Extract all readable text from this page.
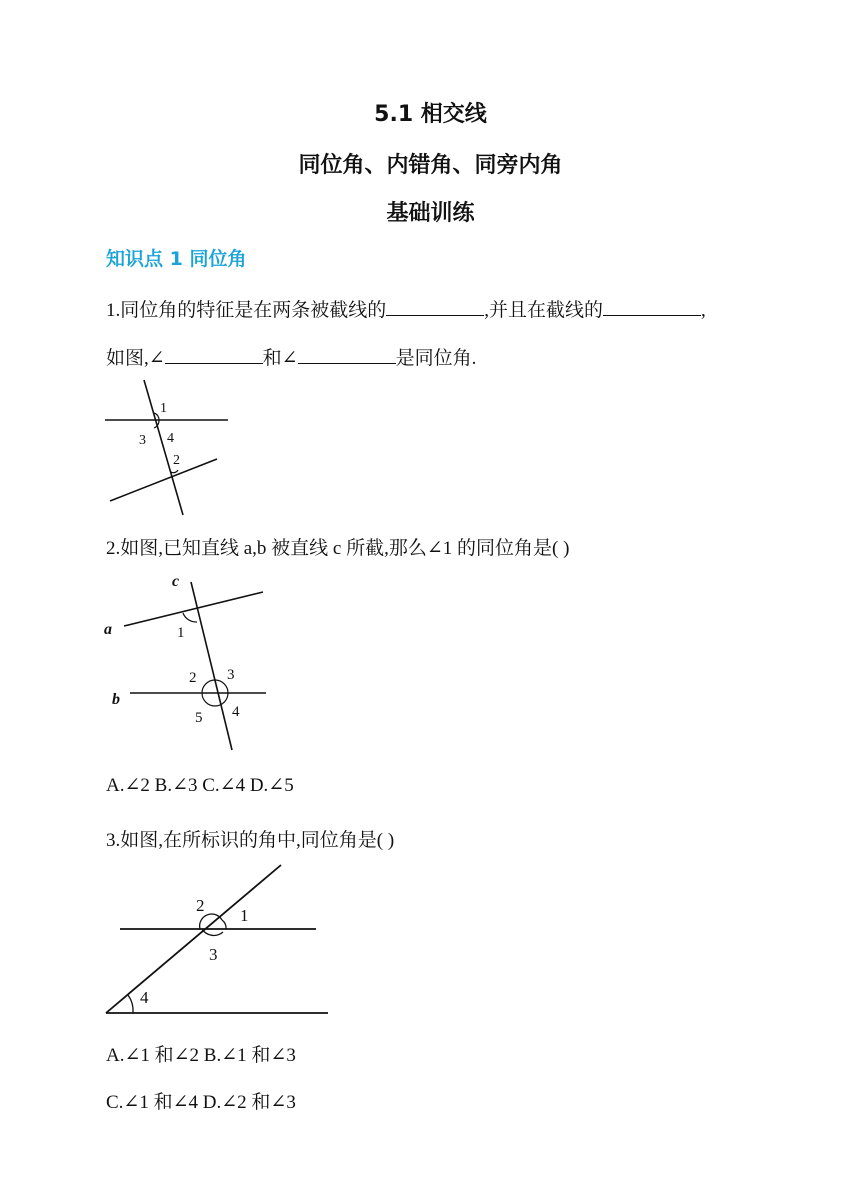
5.1 相交线
同位角、内错角、同旁内角
基础训练
知识点 1 同位角
1.同位角的特征是在两条被截线的	,并且在截线的	,
如图,∠	和∠	是同位角.
1
3 4
2
2.如图,已知直线 a,b 被直线 c 所截,那么∠1 的同位角是( )
c
a
b
1
2 3
4
5
A.∠2 B.∠3 C.∠4 D.∠5
3.如图,在所标识的角中,同位角是( )
2
1
3
4
A.∠1 和∠2 B.∠1 和∠3
C.∠1 和∠4 D.∠2 和∠3
